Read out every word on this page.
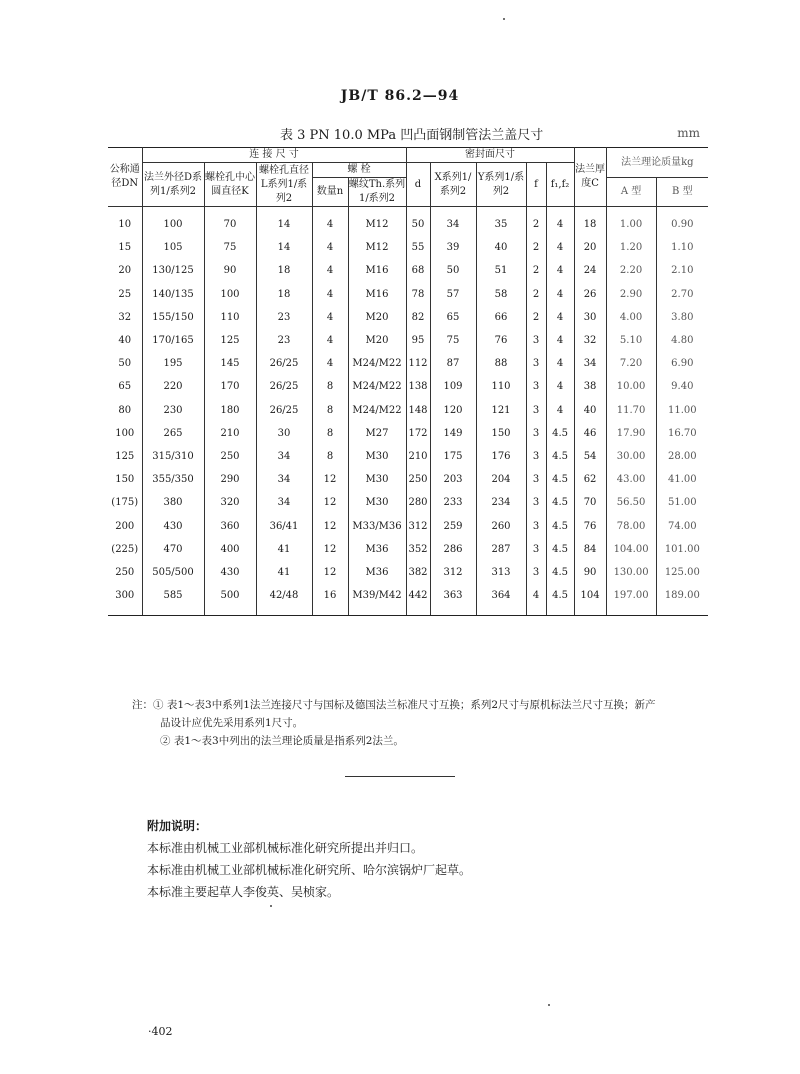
JB/T 86.2—94
表 3 PN 10.0 MPa 凹凸面钢制管法兰盖尺寸	mm
公称通径DN	连 接 尺 寸					密封面尺寸					法兰厚度C	法兰理论质量kg	
	法兰外径D系列1/系列2	螺栓孔中心圆直径K	螺栓孔直径L系列1/系列2	螺 栓		d	X系列1/系列2	Y系列1/系列2	f	f₁,f₂			
				数量n	螺纹Th.系列1/系列2							A 型	B 型
10	100	70	14	4	M12	50	34	35	2	4	18	1.00	0.90
15	105	75	14	4	M12	55	39	40	2	4	20	1.20	1.10
20	130/125	90	18	4	M16	68	50	51	2	4	24	2.20	2.10
25	140/135	100	18	4	M16	78	57	58	2	4	26	2.90	2.70
32	155/150	110	23	4	M20	82	65	66	2	4	30	4.00	3.80
40	170/165	125	23	4	M20	95	75	76	3	4	32	5.10	4.80
50	195	145	26/25	4	M24/M22	112	87	88	3	4	34	7.20	6.90
65	220	170	26/25	8	M24/M22	138	109	110	3	4	38	10.00	9.40
80	230	180	26/25	8	M24/M22	148	120	121	3	4	40	11.70	11.00
100	265	210	30	8	M27	172	149	150	3	4.5	46	17.90	16.70
125	315/310	250	34	8	M30	210	175	176	3	4.5	54	30.00	28.00
150	355/350	290	34	12	M30	250	203	204	3	4.5	62	43.00	41.00
(175)	380	320	34	12	M30	280	233	234	3	4.5	70	56.50	51.00
200	430	360	36/41	12	M33/M36	312	259	260	3	4.5	76	78.00	74.00
(225)	470	400	41	12	M36	352	286	287	3	4.5	84	104.00	101.00
250	505/500	430	41	12	M36	382	312	313	3	4.5	90	130.00	125.00
300	585	500	42/48	16	M39/M42	442	363	364	4	4.5	104	197.00	189.00
注：① 表1～表3中系列1法兰连接尺寸与国标及德国法兰标准尺寸互换；系列2尺寸与原机标法兰尺寸互换；新产
品设计应优先采用系列1尺寸。
② 表1～表3中列出的法兰理论质量是指系列2法兰。
附加说明：
本标准由机械工业部机械标准化研究所提出并归口。
本标准由机械工业部机械标准化研究所、哈尔滨锅炉厂起草。
本标准主要起草人李俊英、吴桢家。
·402
